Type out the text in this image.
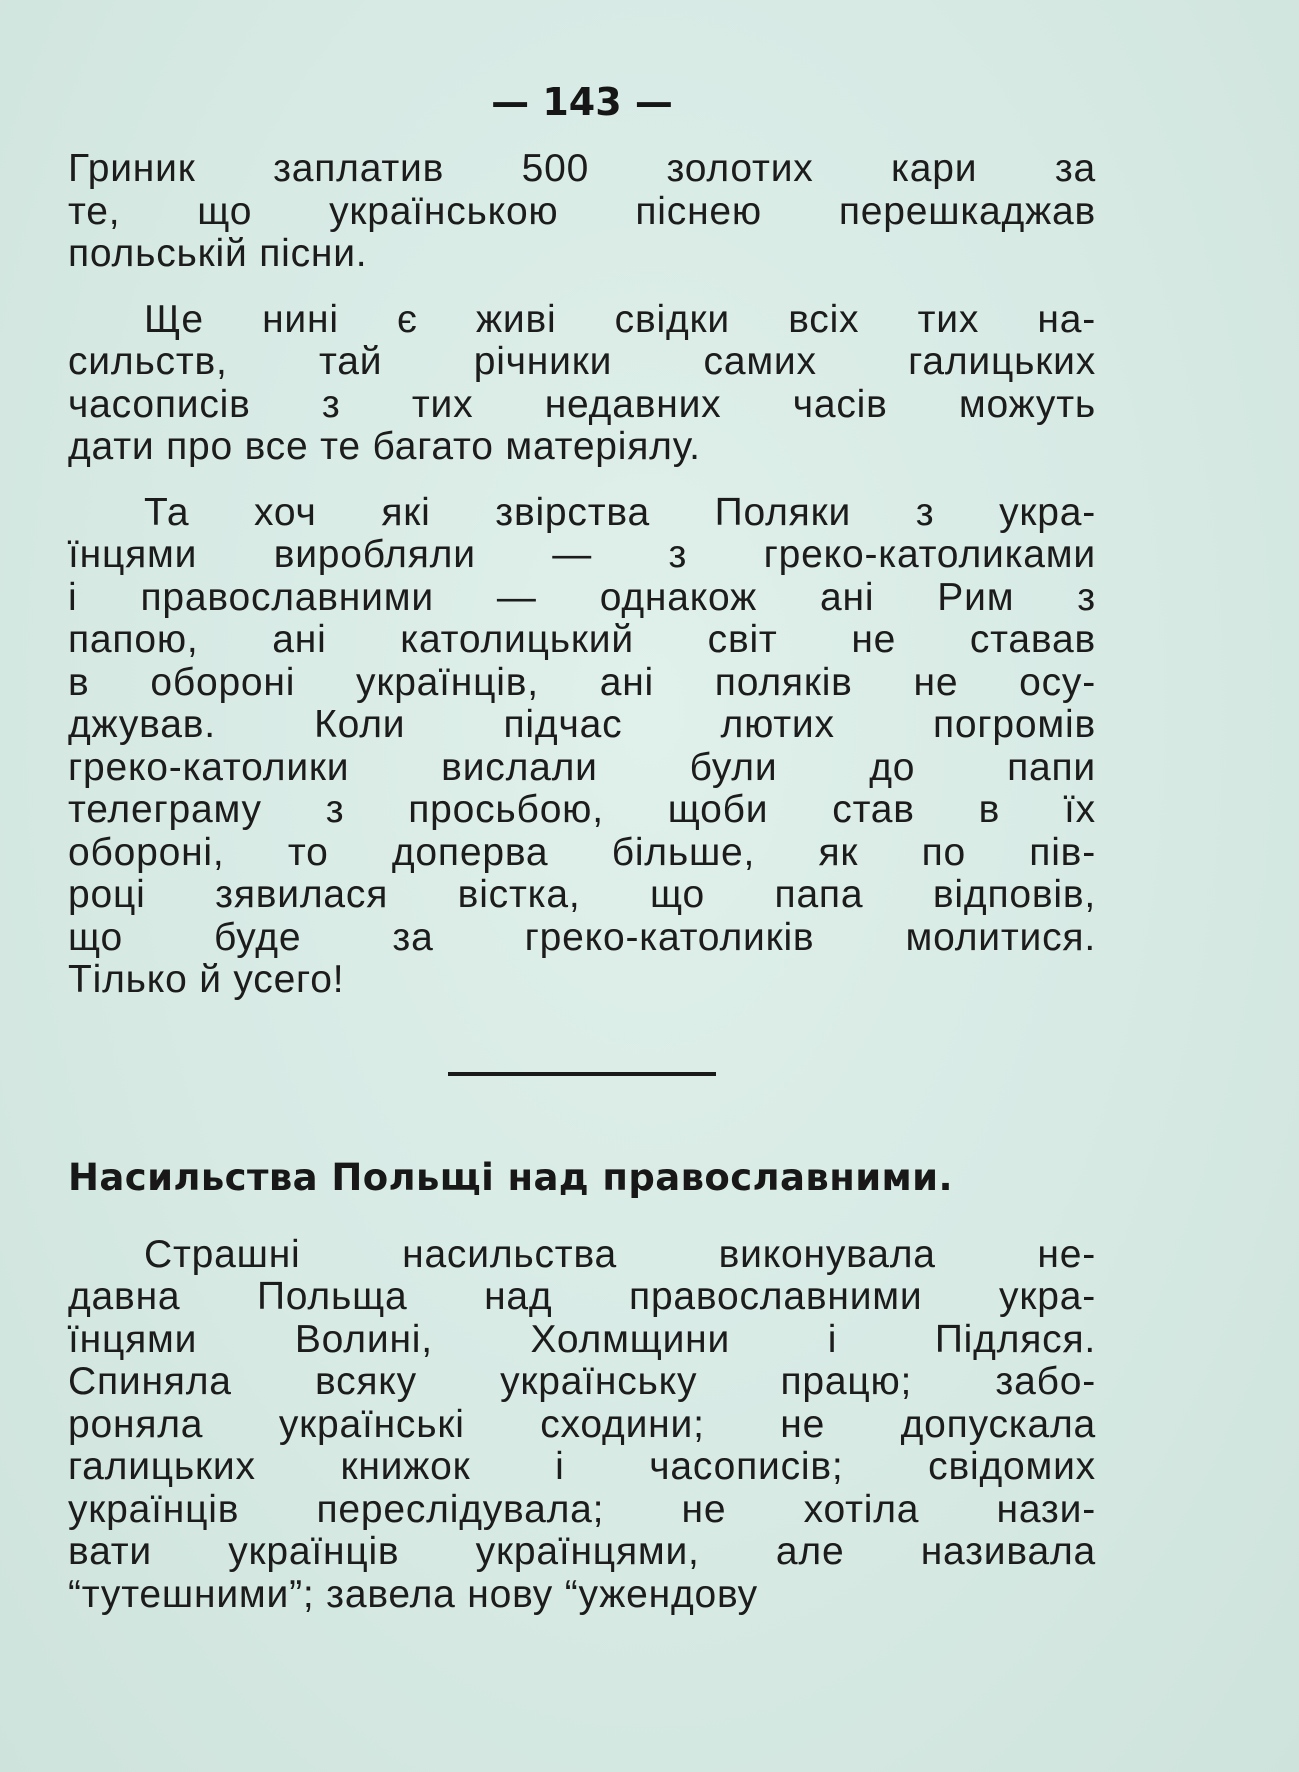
— 143 —

Гриник заплатив 500 золотих кари за
те, що українською піснею перешкаджав
польській пісни.

Ще нині є живі свідки всіх тих на-
сильств, тай річники самих галицьких
часописів з тих недавних часів можуть
дати про все те багато матеріялу.

Та хоч які звірства Поляки з укра-
їнцями виробляли — з греко-католиками
і православними — однакож ані Рим з
папою, ані католицький світ не ставав
в обороні українців, ані поляків не осу-
джував. Коли підчас лютих погромів
греко-католики вислали були до папи
телеграму з просьбою, щоби став в їх
обороні, то доперва більше, як по пів-
році зявилася вістка, що папа відповів,
що буде за греко-католиків молитися.
Тілько й усего!

Насильства Польщі над православними.

Страшні насильства виконувала не-
давна Польща над православними укра-
їнцями Волині, Холмщини і Підляся.
Спиняла всяку українську працю; забо-
роняла українські сходини; не допускала
галицьких книжок і часописів; свідомих
українців переслідувала; не хотіла нази-
вати українців українцями, але називала
“тутешними”; завела нову “ужендову
